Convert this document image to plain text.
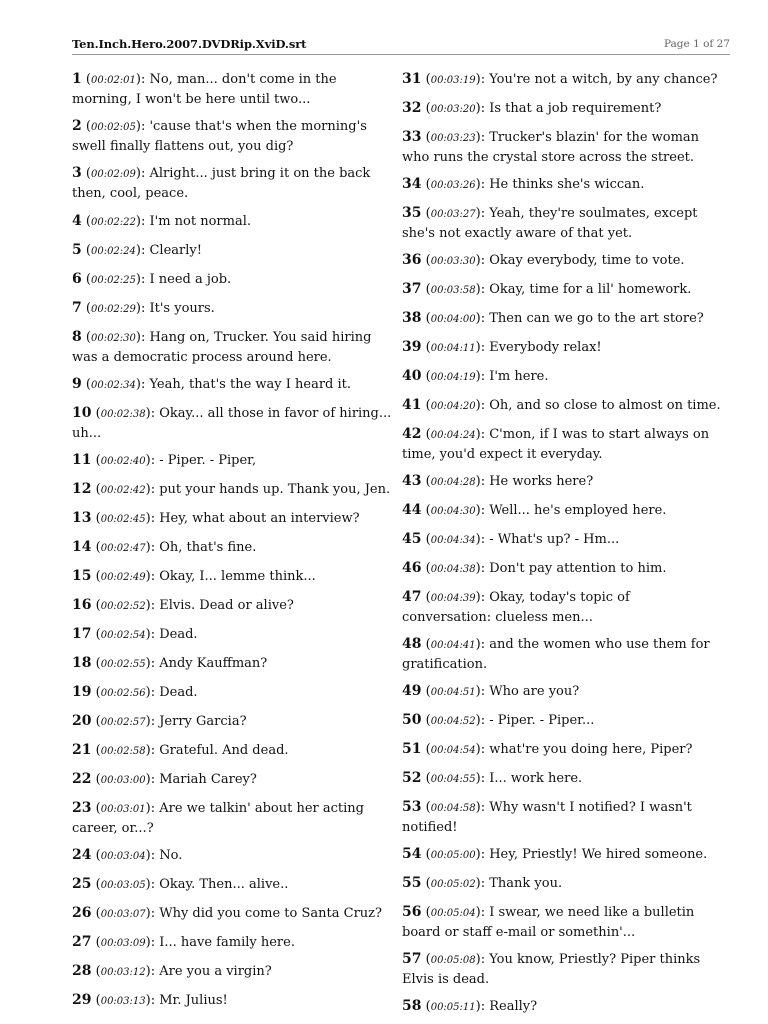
Ten.Inch.Hero.2007.DVDRip.XviD.srt	Page 1 of 27
1 (00:02:01): No, man... don't come in the morning, I won't be here until two...
2 (00:02:05): 'cause that's when the morning's swell finally flattens out, you dig?
3 (00:02:09): Alright... just bring it on the back then, cool, peace.
4 (00:02:22): I'm not normal.
5 (00:02:24): Clearly!
6 (00:02:25): I need a job.
7 (00:02:29): It's yours.
8 (00:02:30): Hang on, Trucker. You said hiring was a democratic process around here.
9 (00:02:34): Yeah, that's the way I heard it.
10 (00:02:38): Okay... all those in favor of hiring... uh...
11 (00:02:40): - Piper. - Piper,
12 (00:02:42): put your hands up. Thank you, Jen.
13 (00:02:45): Hey, what about an interview?
14 (00:02:47): Oh, that's fine.
15 (00:02:49): Okay, I... lemme think...
16 (00:02:52): Elvis. Dead or alive?
17 (00:02:54): Dead.
18 (00:02:55): Andy Kauffman?
19 (00:02:56): Dead.
20 (00:02:57): Jerry Garcia?
21 (00:02:58): Grateful. And dead.
22 (00:03:00): Mariah Carey?
23 (00:03:01): Are we talkin' about her acting career, or...?
24 (00:03:04): No.
25 (00:03:05): Okay. Then... alive..
26 (00:03:07): Why did you come to Santa Cruz?
27 (00:03:09): I... have family here.
28 (00:03:12): Are you a virgin?
29 (00:03:13): Mr. Julius!
31 (00:03:19): You're not a witch, by any chance?
32 (00:03:20): Is that a job requirement?
33 (00:03:23): Trucker's blazin' for the woman who runs the crystal store across the street.
34 (00:03:26): He thinks she's wiccan.
35 (00:03:27): Yeah, they're soulmates, except she's not exactly aware of that yet.
36 (00:03:30): Okay everybody, time to vote.
37 (00:03:58): Okay, time for a lil' homework.
38 (00:04:00): Then can we go to the art store?
39 (00:04:11): Everybody relax!
40 (00:04:19): I'm here.
41 (00:04:20): Oh, and so close to almost on time.
42 (00:04:24): C'mon, if I was to start always on time, you'd expect it everyday.
43 (00:04:28): He works here?
44 (00:04:30): Well... he's employed here.
45 (00:04:34): - What's up? - Hm...
46 (00:04:38): Don't pay attention to him.
47 (00:04:39): Okay, today's topic of conversation: clueless men...
48 (00:04:41): and the women who use them for gratification.
49 (00:04:51): Who are you?
50 (00:04:52): - Piper. - Piper...
51 (00:04:54): what're you doing here, Piper?
52 (00:04:55): I... work here.
53 (00:04:58): Why wasn't I notified? I wasn't notified!
54 (00:05:00): Hey, Priestly! We hired someone.
55 (00:05:02): Thank you.
56 (00:05:04): I swear, we need like a bulletin board or staff e-mail or somethin'...
57 (00:05:08): You know, Priestly? Piper thinks Elvis is dead.
58 (00:05:11): Really?
